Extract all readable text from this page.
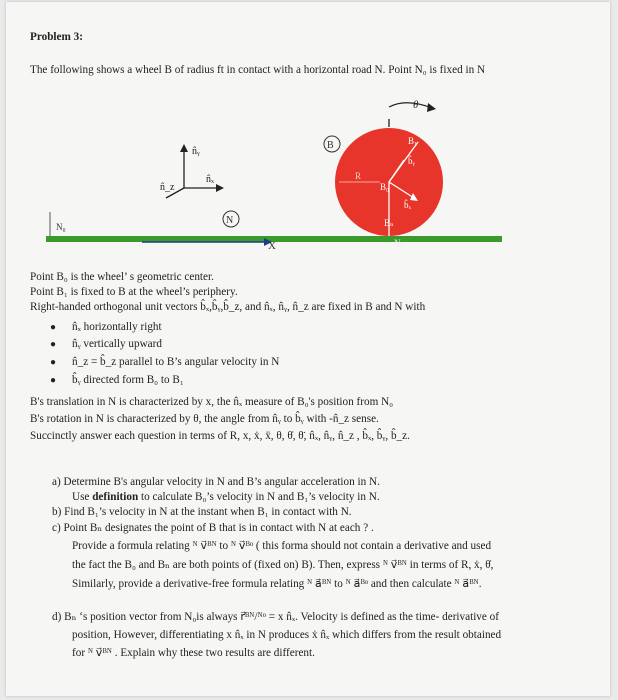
Problem 3:
The following shows a wheel B of radius ft in contact with a horizontal road N. Point N₀ is fixed in N
X
N₀
N
n̂ᵧ
n̂ₓ
n̂_z
B
θ
R
B₀
B₁
b̂ᵧ
b̂ₓ
Bₙ
Nₙ
Point B₀ is the wheel’ s geometric center.
Point B₁ is fixed to B at the wheel’s periphery.
Right-handed orthogonal unit vectors b̂ₓ,b̂ᵧ,b̂_z, and n̂ₓ, n̂ᵧ, n̂_z are fixed in B and N with
● n̂ₓ horizontally right
● n̂ᵧ vertically upward
● n̂_z = b̂_z parallel to B’s angular velocity in N
● b̂ᵧ directed form B₀ to B₁
B's translation in N is characterized by x, the n̂ₓ measure of B₀'s position from N₀
B's rotation in N is characterized by θ, the angle from n̂ᵧ to b̂ᵧ with -n̂_z sense.
Succinctly answer each question in terms of R, x, ẋ, ẍ, θ, θ̇, θ̈, n̂ₓ, n̂ᵧ, n̂_z , b̂ₓ, b̂ᵧ, b̂_z.
a) Determine B's angular velocity in N and B’s angular acceleration in N.
Use definition to calculate B₀’s velocity in N and B₁’s velocity in N.
b) Find B₁’s velocity in N at the instant when B₁ in contact with N.
c) Point Bₙ designates the point of B that is in contact with N at each ? .
Provide a formula relating ᴺ v⃗ᴮᴺ to ᴺ v⃗ᴮᵒ ( this forma should not contain a derivative and used
the fact the B₀ and Bₙ are both points of (fixed on) B). Then, express ᴺ v⃗ᴮᴺ in terms of R, ẋ, θ̇,
Similarly, provide a derivative-free formula relating ᴺ a⃗ᴮᴺ to ᴺ a⃗ᴮᵒ and then calculate ᴺ a⃗ᴮᴺ.
d) Bₙ ‘s position vector from N₀is always r⃗ᴮᴺ/ᴺᵒ = x n̂ₓ. Velocity is defined as the time- derivative of
position, However, differentiating x n̂ₓ in N produces ẋ n̂ₓ which differs from the result obtained
for ᴺ v⃗ᴮᴺ . Explain why these two results are different.
